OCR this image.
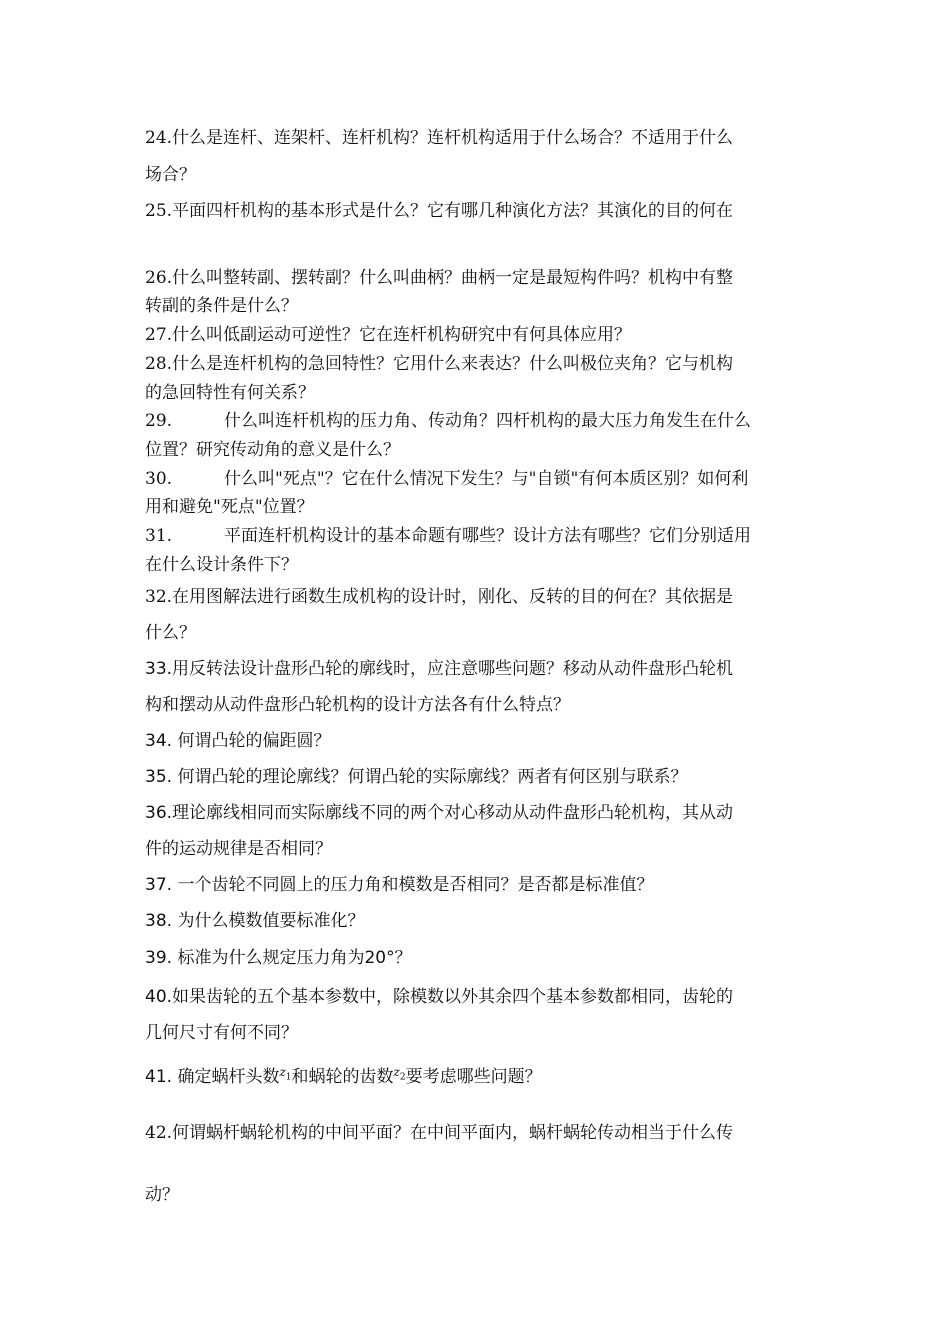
24.什么是连杆、连架杆、连杆机构？连杆机构适用于什么场合？不适用于什么
场合？
25.平面四杆机构的基本形式是什么？它有哪几种演化方法？其演化的目的何在
26.什么叫整转副、摆转副？什么叫曲柄？曲柄一定是最短构件吗？机构中有整
转副的条件是什么？
27.什么叫低副运动可逆性？它在连杆机构研究中有何具体应用？
28.什么是连杆机构的急回特性？它用什么来表达？什么叫极位夹角？它与机构
的急回特性有何关系？
29.	什么叫连杆机构的压力角、传动角？四杆机构的最大压力角发生在什么
位置？研究传动角的意义是什么？
30.	什么叫"死点"？它在什么情况下发生？与"自锁"有何本质区别？如何利
用和避免"死点"位置？
31.	平面连杆机构设计的基本命题有哪些？设计方法有哪些？它们分别适用
在什么设计条件下？
32.在用图解法进行函数生成机构的设计时，刚化、反转的目的何在？其依据是
什么？
33.用反转法设计盘形凸轮的廓线时，应注意哪些问题？移动从动件盘形凸轮机
构和摆动从动件盘形凸轮机构的设计方法各有什么特点？
34. 何谓凸轮的偏距圆？
35. 何谓凸轮的理论廓线？何谓凸轮的实际廓线？两者有何区别与联系？
36.理论廓线相同而实际廓线不同的两个对心移动从动件盘形凸轮机构，其从动
件的运动规律是否相同？
37. 一个齿轮不同圆上的压力角和模数是否相同？是否都是标准值？
38. 为什么模数值要标准化？
39. 标准为什么规定压力角为20°？
40.如果齿轮的五个基本参数中，除模数以外其余四个基本参数都相同，齿轮的
几何尺寸有何不同？
41. 确定蜗杆头数$^{z_1}$和蜗轮的齿数$^{z_2}$要考虑哪些问题？
42.何谓蜗杆蜗轮机构的中间平面？在中间平面内，蜗杆蜗轮传动相当于什么传
动？
